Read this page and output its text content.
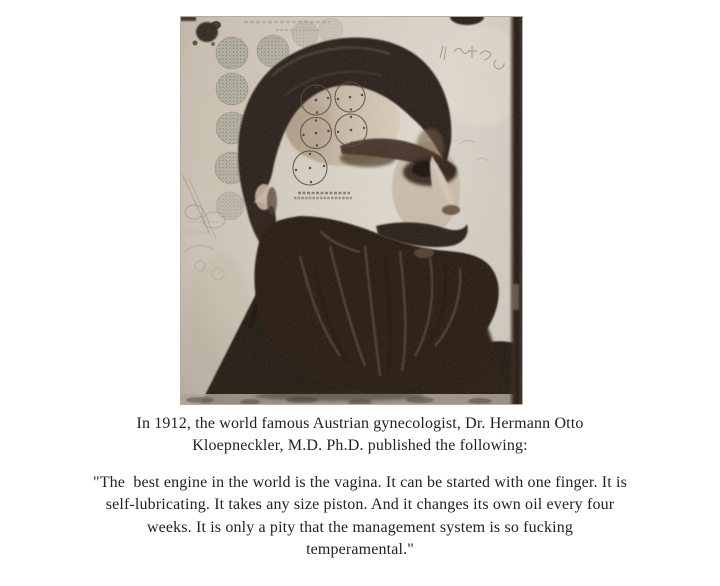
In 1912, the world famous Austrian gynecologist, Dr. Hermann Otto
Kloepneckler, M.D. Ph.D. published the following:
"The  best engine in the world is the vagina. It can be started with one finger. It is
self-lubricating. It takes any size piston. And it changes its own oil every four
weeks. It is only a pity that the management system is so fucking
temperamental."
